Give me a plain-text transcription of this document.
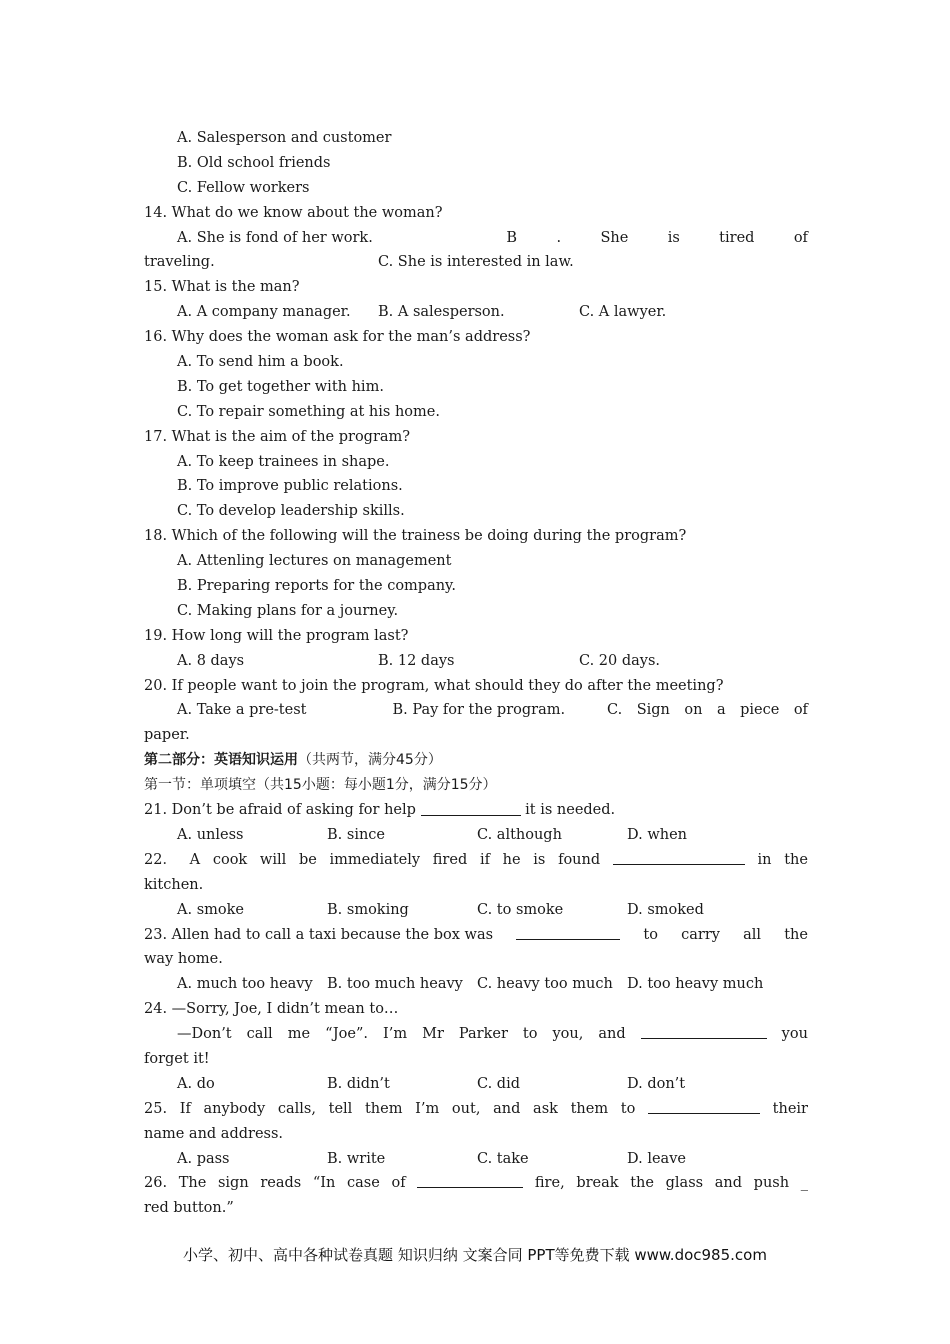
A. Salesperson and customer
B. Old school friends
C. Fellow workers
14. What do we know about the woman?
A. She is fond of her work.	B	.	She	is	tired	of
traveling.	C. She is interested in law.
15. What is the man?
A. A company manager. B. A salesperson.	C. A lawyer.
16. Why does the woman ask for the man’s address?
A. To send him a book.
B. To get together with him.
C. To repair something at his home.
17. What is the aim of the program?
A. To keep trainees in shape.
B. To improve public relations.
C. To develop leadership skills.
18. Which of the following will the trainess be doing during the program?
A. Attenling lectures on management
B. Preparing reports for the company.
C. Making plans for a journey.
19. How long will the program last?
A. 8 days	B. 12 days	C. 20 days.
20. If people want to join the program, what should they do after the meeting?
A. Take a pre-test	B. Pay for the program.	C. Sign on a piece of
paper.
第二部分：英语知识运用（共两节，满分45分）
第一节：单项填空（共15小题：每小题1分，满分15分）
21. Don’t be afraid of asking for help	it is needed.
A. unless	B. since	C. although	D. when
22． A cook will be immediately fired if he is found	in the
kitchen.
A. smoke	B. smoking	C. to smoke	D. smoked
23. Allen had to call a taxi because the box was	to carry all the
way home.
A. much too heavy B. too much heavy C. heavy too much D. too heavy much
24. —Sorry, Joe, I didn’t mean to…
—Don’t call me “Joe”. I’m Mr Parker to you, and	you
forget it!
A. do	B. didn’t	C. did	D. don’t
25. If anybody calls, tell them I’m out, and ask them to	their
name and address.
A. pass	B. write	C. take	D. leave
26. The sign reads “In case of	fire, break the glass and push _
red button.”
小学、初中、高中各种试卷真题 知识归纳 文案合同 PPT等免费下载 www.doc985.com
